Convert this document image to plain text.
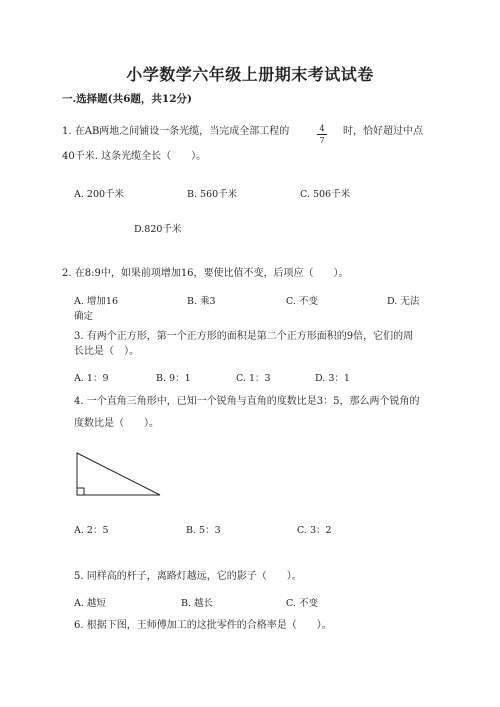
小学数学六年级上册期末考试试卷
一.选择题(共6题，共12分)
1. 在AB两地之间铺设一条光缆，当完成全部工程的	4
7
时，恰好超过中点
40千米. 这条光缆全长（　　）。
A. 200千米	B. 560千米	C. 506千米
D.820千米
2. 在8:9中，如果前项增加16，要使比值不变，后项应（　　）。
A. 增加16	B. 乘3	C. 不变	D. 无法
确定
3. 有两个正方形，第一个正方形的面积是第二个正方形面积的9倍，它们的周
长比是（　）。
A. 1：9	B. 9：1	C. 1：3	D. 3：1
4. 一个直角三角形中，已知一个锐角与直角的度数比是3：5，那么两个锐角的
度数比是（　　）。
A. 2：5	B. 5：3	C. 3：2
5. 同样高的杆子，离路灯越远，它的影子（　　）。
A. 越短	B. 越长	C. 不变
6. 根据下图，王师傅加工的这批零件的合格率是（　　）。
